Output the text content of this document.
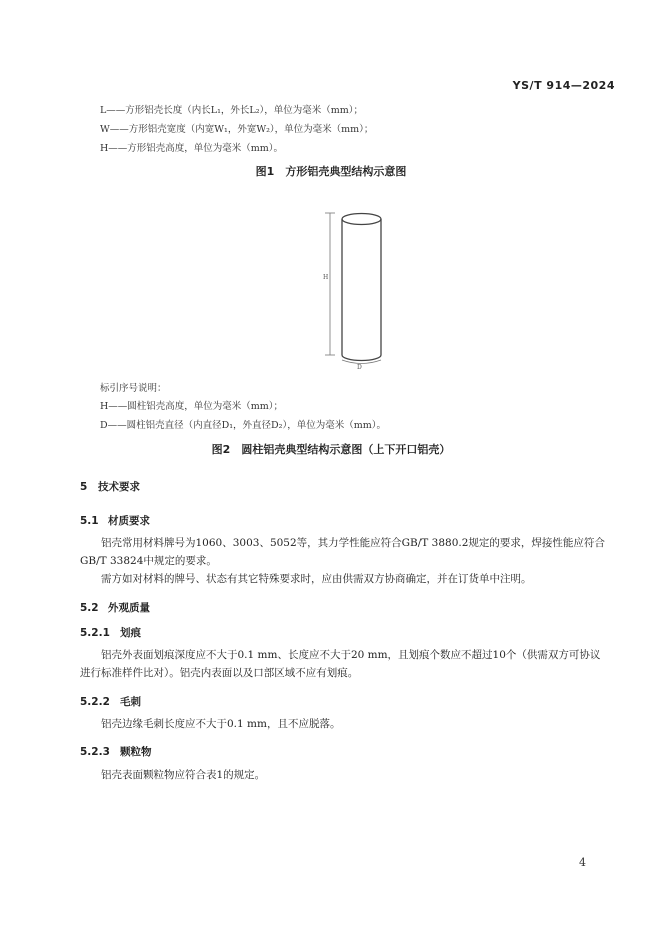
YS/T 914—2024
L——方形铝壳长度（内长L₁，外长L₂），单位为毫米（mm）；
W——方形铝壳宽度（内宽W₁，外宽W₂），单位为毫米（mm）；
H——方形铝壳高度，单位为毫米（mm）。
图1　方形铝壳典型结构示意图
H
D
标引序号说明：
H——圆柱铝壳高度，单位为毫米（mm）；
D——圆柱铝壳直径（内直径D₁，外直径D₂），单位为毫米（mm）。
图2　圆柱铝壳典型结构示意图（上下开口铝壳）
5 技术要求
5.1 材质要求
铝壳常用材料牌号为1060、3003、5052等，其力学性能应符合GB/T 3880.2规定的要求，焊接性能应符合GB/T 33824中规定的要求。
需方如对材料的牌号、状态有其它特殊要求时，应由供需双方协商确定，并在订货单中注明。
5.2 外观质量
5.2.1 划痕
铝壳外表面划痕深度应不大于0.1 mm、长度应不大于20 mm，且划痕个数应不超过10个（供需双方可协议进行标准样件比对）。铝壳内表面以及口部区域不应有划痕。
5.2.2 毛刺
铝壳边缘毛刺长度应不大于0.1 mm，且不应脱落。
5.2.3 颗粒物
铝壳表面颗粒物应符合表1的规定。
4
